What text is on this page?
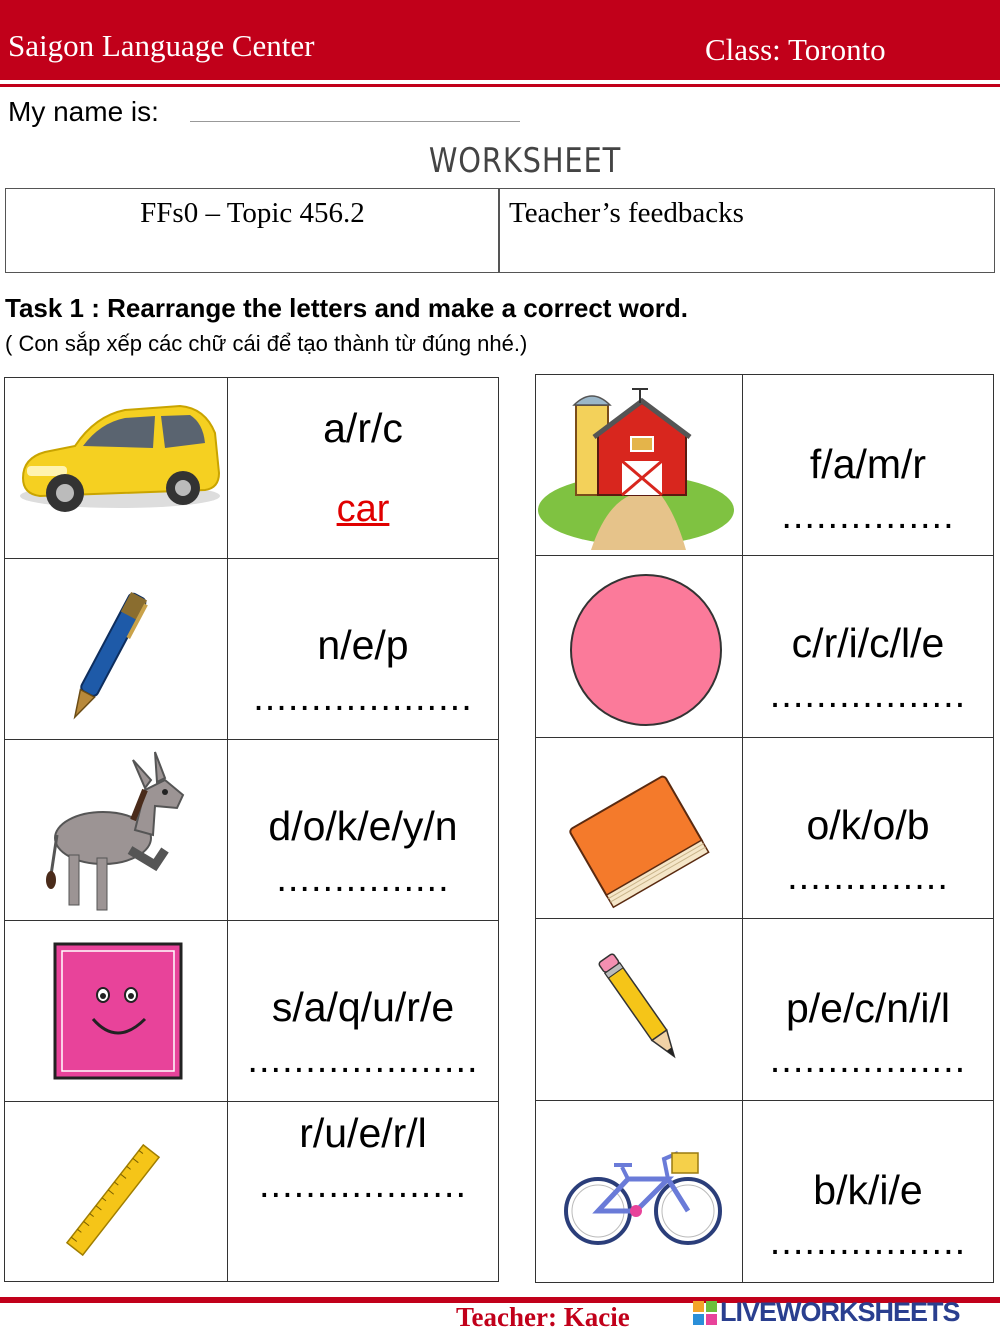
Saigon Language Center	Class: Toronto
My name is:
WORKSHEET
FFs0 – Topic 456.2	Teacher’s feedbacks
Task 1 : Rearrange the letters and make a correct word.
( Con sắp xếp các chữ cái để tạo thành từ đúng nhé.)
a/r/c
car
n/e/p
...................
d/o/k/e/y/n
...............
s/a/q/u/r/e
....................
r/u/e/r/l
..................
f/a/m/r
...............
c/r/i/c/l/e
.................
o/k/o/b
..............
p/e/c/n/i/l
.................
b/k/i/e
.................
Teacher: Kacie	LIVEWORKSHEETS
